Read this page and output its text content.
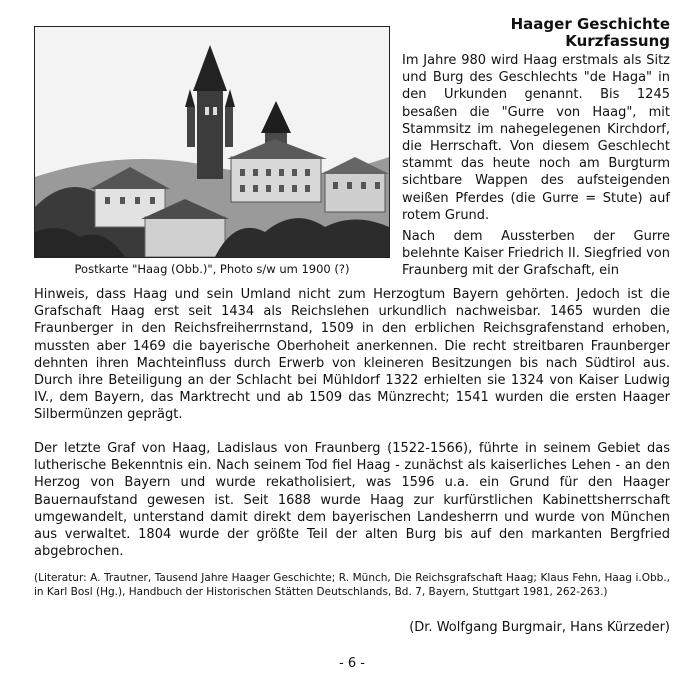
Postkarte "Haag (Obb.)", Photo s/w um 1900 (?)
Haager Geschichte
Kurzfassung

Im Jahre 980 wird Haag erstmals als Sitz und Burg des Geschlechts "de Haga" in den Urkunden genannt. Bis 1245 besaßen die "Gurre von Haag", mit Stammsitz im nahegelegenen Kirchdorf, die Herrschaft. Von diesem Geschlecht stammt das heute noch am Burgturm sichtbare Wappen des aufsteigenden weißen Pferdes (die Gurre = Stute) auf rotem Grund.

Nach dem Aussterben der Gurre belehnte Kaiser Friedrich II. Siegfried von Fraunberg mit der Grafschaft, ein

Hinweis, dass Haag und sein Umland nicht zum Herzogtum Bayern gehörten. Jedoch ist die Grafschaft Haag erst seit 1434 als Reichslehen urkundlich nachweisbar. 1465 wurden die Fraunberger in den Reichsfreiherrnstand, 1509 in den erblichen Reichsgrafenstand erhoben, mussten aber 1469 die bayerische Oberhoheit anerkennen. Die recht streitbaren Fraunberger dehnten ihren Machteinfluss durch Erwerb von kleineren Besitzungen bis nach Südtirol aus. Durch ihre Beteiligung an der Schlacht bei Mühldorf 1322 erhielten sie 1324 von Kaiser Ludwig IV., dem Bayern, das Marktrecht und ab 1509 das Münzrecht; 1541 wurden die ersten Haager Silbermünzen geprägt.

Der letzte Graf von Haag, Ladislaus von Fraunberg (1522-1566), führte in seinem Gebiet das lutherische Bekenntnis ein. Nach seinem Tod fiel Haag - zunächst als kaiserliches Lehen - an den Herzog von Bayern und wurde rekatholisiert, was 1596 u.a. ein Grund für den Haager Bauernaufstand gewesen ist. Seit 1688 wurde Haag zur kurfürstlichen Kabinettsherrschaft umgewandelt, unterstand damit direkt dem bayerischen Landesherrn und wurde von München aus verwaltet. 1804 wurde der größte Teil der alten Burg bis auf den markanten Bergfried abgebrochen.

(Literatur: A. Trautner, Tausend Jahre Haager Geschichte; R. Münch, Die Reichsgrafschaft Haag; Klaus Fehn, Haag i.Obb., in Karl Bosl (Hg.), Handbuch der Historischen Stätten Deutschlands, Bd. 7, Bayern, Stuttgart 1981, 262-263.)
(Dr. Wolfgang Burgmair, Hans Kürzeder)
- 6 -
